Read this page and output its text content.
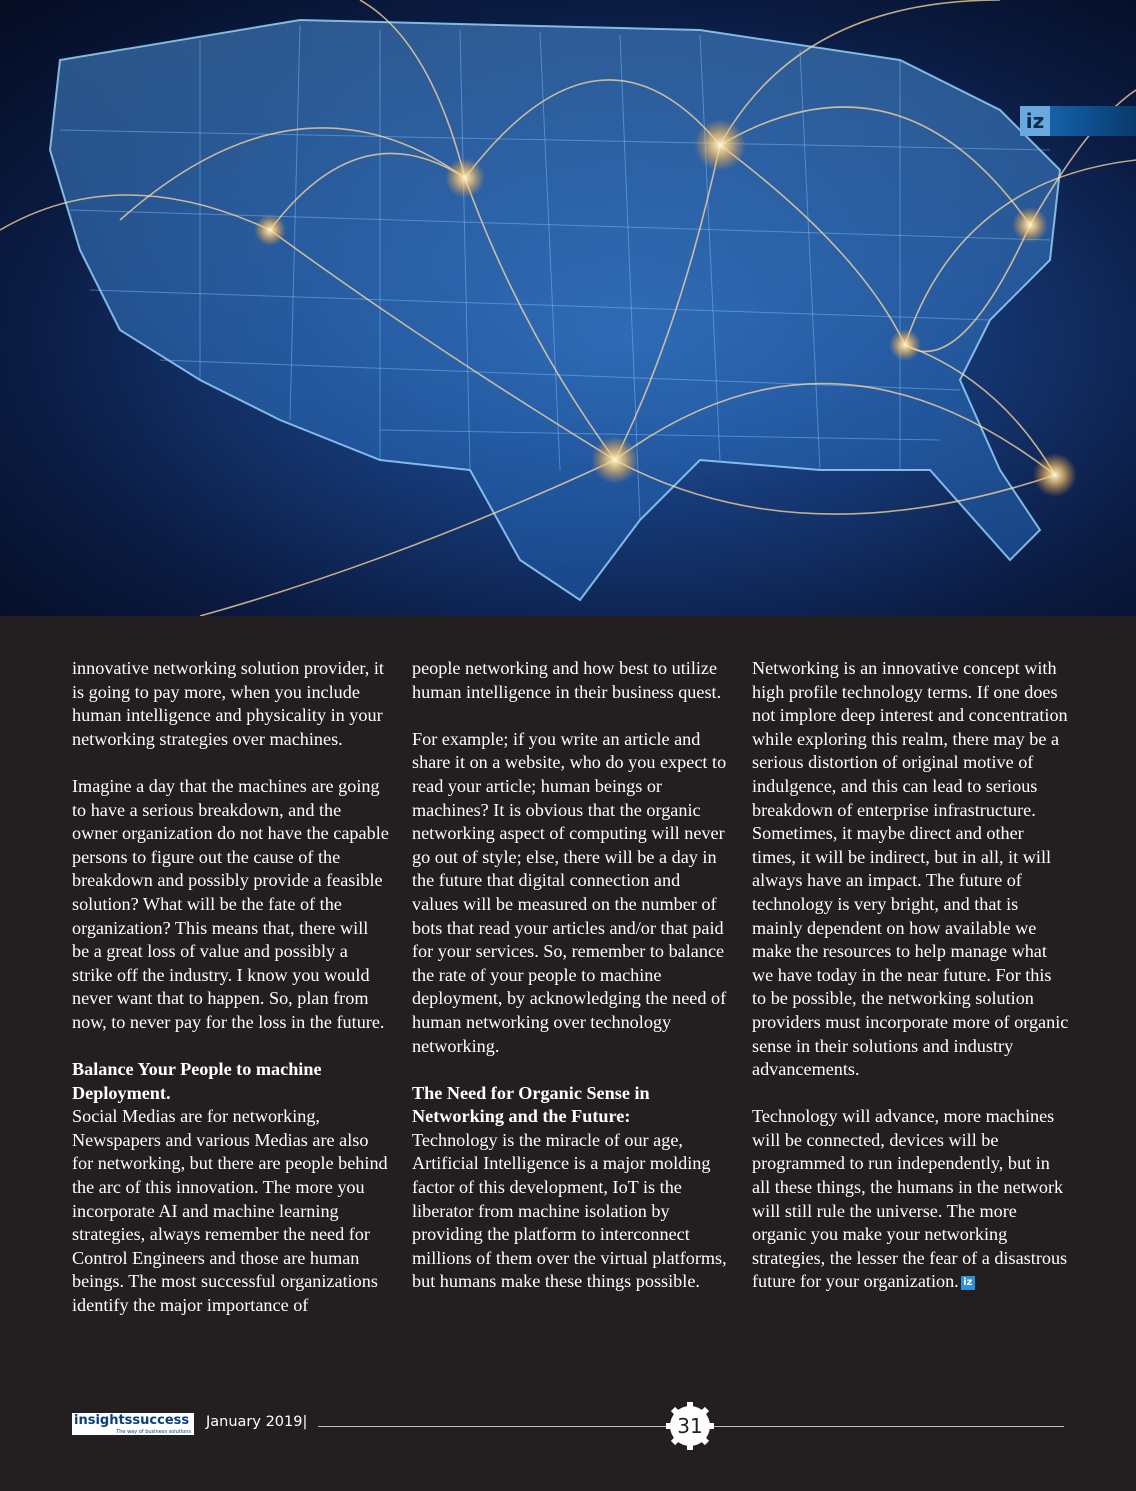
iz

innovative networking solution provider, it is going to pay more, when you include human intelligence and physicality in your networking strategies over machines.

Imagine a day that the machines are going to have a serious breakdown, and the owner organization do not have the capable persons to figure out the cause of the breakdown and possibly provide a feasible solution? What will be the fate of the organization? This means that, there will be a great loss of value and possibly a strike off the industry. I know you would never want that to happen. So, plan from now, to never pay for the loss in the future.

Balance Your People to machine Deployment.

Social Medias are for networking, Newspapers and various Medias are also for networking, but there are people behind the arc of this innovation. The more you incorporate AI and machine learning strategies, always remember the need for Control Engineers and those are human beings. The most successful organizations identify the major importance of

people networking and how best to utilize human intelligence in their business quest.

For example; if you write an article and share it on a website, who do you expect to read your article; human beings or machines? It is obvious that the organic networking aspect of computing will never go out of style; else, there will be a day in the future that digital connection and values will be measured on the number of bots that read your articles and/or that paid for your services. So, remember to balance the rate of your people to machine deployment, by acknowledging the need of human networking over technology networking.

The Need for Organic Sense in Networking and the Future:

Technology is the miracle of our age, Artificial Intelligence is a major molding factor of this development, IoT is the liberator from machine isolation by providing the platform to interconnect millions of them over the virtual platforms, but humans make these things possible.

Networking is an innovative concept with high profile technology terms. If one does not implore deep interest and concentration while exploring this realm, there may be a serious distortion of original motive of indulgence, and this can lead to serious breakdown of enterprise infrastructure. Sometimes, it maybe direct and other times, it will be indirect, but in all, it will always have an impact. The future of technology is very bright, and that is mainly dependent on how available we make the resources to help manage what we have today in the near future. For this to be possible, the networking solution providers must incorporate more of organic sense in their solutions and industry advancements.

Technology will advance, more machines will be connected, devices will be programmed to run independently, but in all these things, the humans in the network will still rule the universe. The more organic you make your networking strategies, the lesser the fear of a disastrous future for your organization. iz

insightssuccess
The way of business solutions
January 2019|	31
